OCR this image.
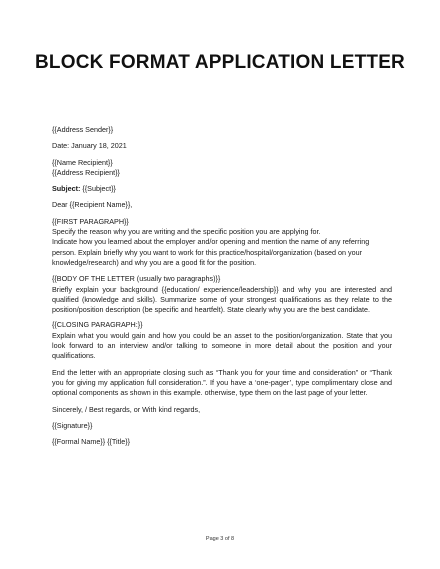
BLOCK FORMAT APPLICATION LETTER
{{Address Sender}}
Date: January 18, 2021
{{Name Recipient}}
{{Address Recipient}}
Subject: {{Subject}}
Dear {{Recipient Name}},
{{FIRST PARAGRAPH}}
Specify the reason why you are writing and the specific position you are applying for.
Indicate how you learned about the employer and/or opening and mention the name of any referring
person. Explain briefly why you want to work for this practice/hospital/organization (based on your
knowledge/research) and why you are a good fit for the position.
{{BODY OF THE LETTER (usually two paragraphs)}}
Briefly explain your background {{education/ experience/leadership}} and why you are interested and qualified (knowledge and skills). Summarize some of your strongest qualifications as they relate to the position/position description (be specific and heartfelt). State clearly why you are the best candidate.
{{CLOSING PARAGRAPH:}}
Explain what you would gain and how you could be an asset to the position/organization. State that you look forward to an interview and/or talking to someone in more detail about the position and your qualifications.
End the letter with an appropriate closing such as “Thank you for your time and consideration” or “Thank you for giving my application full consideration.”. If you have a ‘one-pager’, type complimentary close and optional components as shown in this example. otherwise, type them on the last page of your letter.
Sincerely, / Best regards, or With kind regards,
{{Signature}}
{{Formal Name}} {{Title}}
Page 3 of 8
